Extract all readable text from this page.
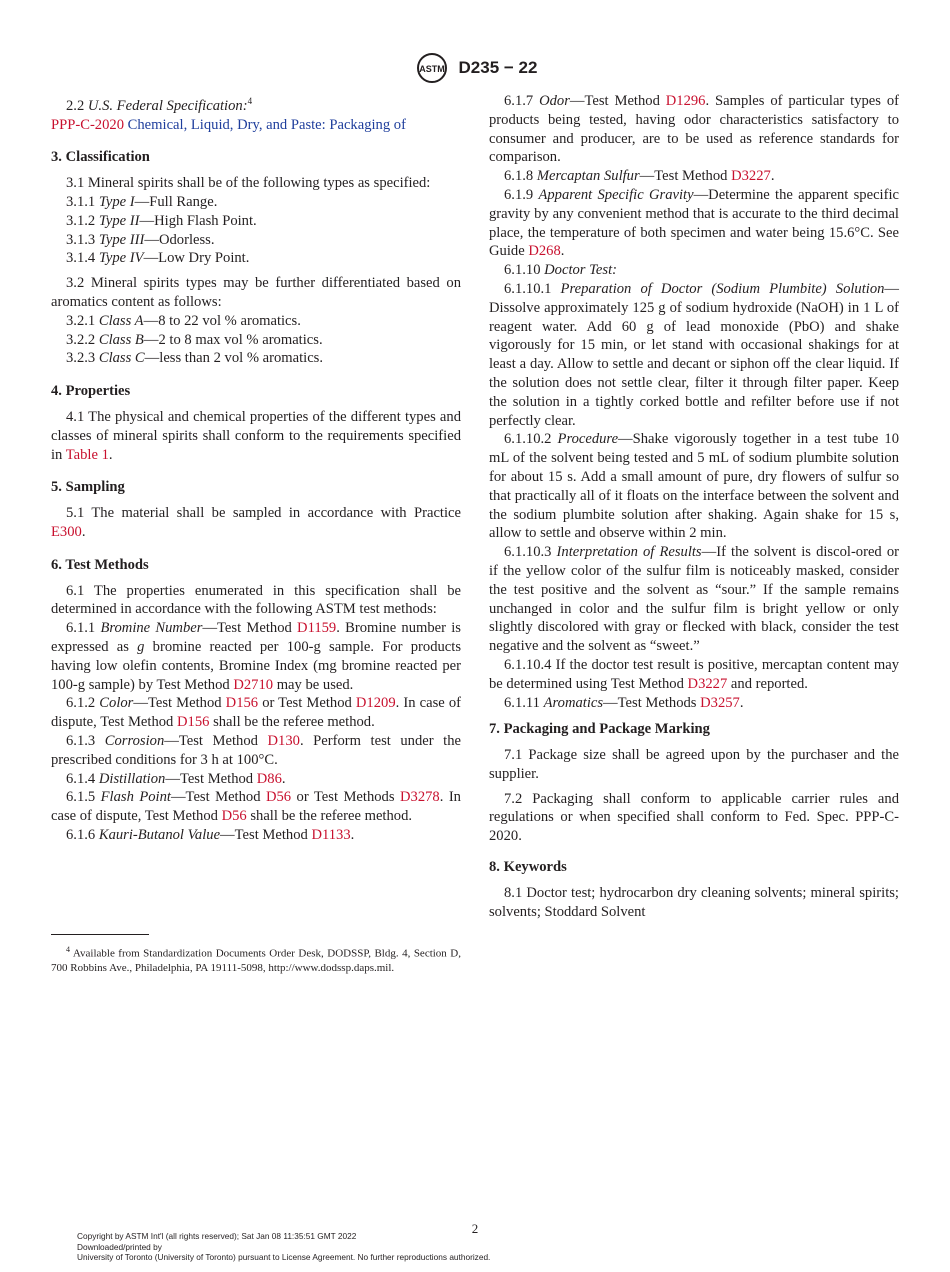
ASTM D235 − 22

2.2 U.S. Federal Specification:$^4$

PPP-C-2020 Chemical, Liquid, Dry, and Paste: Packaging of

3. Classification

3.1 Mineral spirits shall be of the following types as specified:

3.1.1 Type I—Full Range.

3.1.2 Type II—High Flash Point.

3.1.3 Type III—Odorless.

3.1.4 Type IV—Low Dry Point.

3.2 Mineral spirits types may be further differentiated based on aromatics content as follows:

3.2.1 Class A—8 to 22 vol % aromatics.

3.2.2 Class B—2 to 8 max vol % aromatics.

3.2.3 Class C—less than 2 vol % aromatics.

4. Properties

4.1 The physical and chemical properties of the different types and classes of mineral spirits shall conform to the requirements specified in Table 1.

5. Sampling

5.1 The material shall be sampled in accordance with Practice E300.

6. Test Methods

6.1 The properties enumerated in this specification shall be determined in accordance with the following ASTM test methods:

6.1.1 Bromine Number—Test Method D1159. Bromine number is expressed as g bromine reacted per 100-g sample. For products having low olefin contents, Bromine Index (mg bromine reacted per 100-g sample) by Test Method D2710 may be used.

6.1.2 Color—Test Method D156 or Test Method D1209. In case of dispute, Test Method D156 shall be the referee method.

6.1.3 Corrosion—Test Method D130. Perform test under the prescribed conditions for 3 h at 100°C.

6.1.4 Distillation—Test Method D86.

6.1.5 Flash Point—Test Method D56 or Test Methods D3278. In case of dispute, Test Method D56 shall be the referee method.

6.1.6 Kauri-Butanol Value—Test Method D1133.

$^4$ Available from Standardization Documents Order Desk, DODSSP, Bldg. 4, Section D, 700 Robbins Ave., Philadelphia, PA 19111-5098, http://www.dodssp.daps.mil.

6.1.7 Odor—Test Method D1296. Samples of particular types of products being tested, having odor characteristics satisfactory to consumer and producer, are to be used as reference standards for comparison.

6.1.8 Mercaptan Sulfur—Test Method D3227.

6.1.9 Apparent Specific Gravity—Determine the apparent specific gravity by any convenient method that is accurate to the third decimal place, the temperature of both specimen and water being 15.6°C. See Guide D268.

6.1.10 Doctor Test:

6.1.10.1 Preparation of Doctor (Sodium Plumbite) Solution—Dissolve approximately 125 g of sodium hydroxide (NaOH) in 1 L of reagent water. Add 60 g of lead monoxide (PbO) and shake vigorously for 15 min, or let stand with occasional shakings for at least a day. Allow to settle and decant or siphon off the clear liquid. If the solution does not settle clear, filter it through filter paper. Keep the solution in a tightly corked bottle and refilter before use if not perfectly clear.

6.1.10.2 Procedure—Shake vigorously together in a test tube 10 mL of the solvent being tested and 5 mL of sodium plumbite solution for about 15 s. Add a small amount of pure, dry flowers of sulfur so that practically all of it floats on the interface between the solvent and the sodium plumbite solution after shaking. Again shake for 15 s, allow to settle and observe within 2 min.

6.1.10.3 Interpretation of Results—If the solvent is discol-ored or if the yellow color of the sulfur film is noticeably masked, consider the test positive and the solvent as “sour.” If the sample remains unchanged in color and the sulfur film is bright yellow or only slightly discolored with gray or flecked with black, consider the test negative and the solvent as “sweet.”

6.1.10.4 If the doctor test result is positive, mercaptan content may be determined using Test Method D3227 and reported.

6.1.11 Aromatics—Test Methods D3257.

7. Packaging and Package Marking

7.1 Package size shall be agreed upon by the purchaser and the supplier.

7.2 Packaging shall conform to applicable carrier rules and regulations or when specified shall conform to Fed. Spec. PPP-C-2020.

8. Keywords

8.1 Doctor test; hydrocarbon dry cleaning solvents; mineral spirits; solvents; Stoddard Solvent

2
Copyright by ASTM Int'l (all rights reserved); Sat Jan 08 11:35:51 GMT 2022
Downloaded/printed by
University of Toronto (University of Toronto) pursuant to License Agreement. No further reproductions authorized.
